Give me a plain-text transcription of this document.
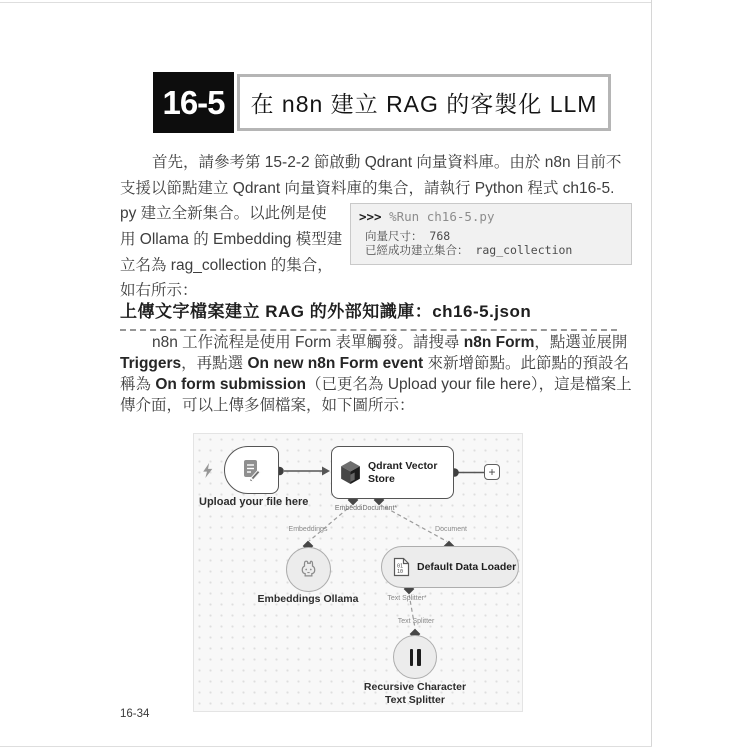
16-5	在 n8n 建立 RAG 的客製化 LLM
首先，請參考第 15-2-2 節啟動 Qdrant 向量資料庫。由於 n8n 目前不
支援以節點建立 Qdrant 向量資料庫的集合，請執行 Python 程式 ch16-5.
py 建立全新集合。以此例是使
用 Ollama 的 Embedding 模型建
立名為 rag_collection 的集合，
如右所示：
>>> %Run ch16-5.py
向量尺寸： 768
已經成功建立集合： rag_collection
上傳文字檔案建立 RAG 的外部知識庫：ch16-5.json
n8n 工作流程是使用 Form 表單觸發。請搜尋 n8n Form，點選並展開
Triggers，再點選 On new n8n Form event 來新增節點。此節點的預設名
稱為 On form submission（已更名為 Upload your file here），這是檔案上
傳介面，可以上傳多個檔案，如下圖所示：
Upload your file here
Qdrant Vector Store	+
EmbeddiDocument*
Embeddings	Document
Embeddings Ollama
01
10 Default Data Loader
Text Splitter*
Text Splitter
Recursive Character Text Splitter
16-34
